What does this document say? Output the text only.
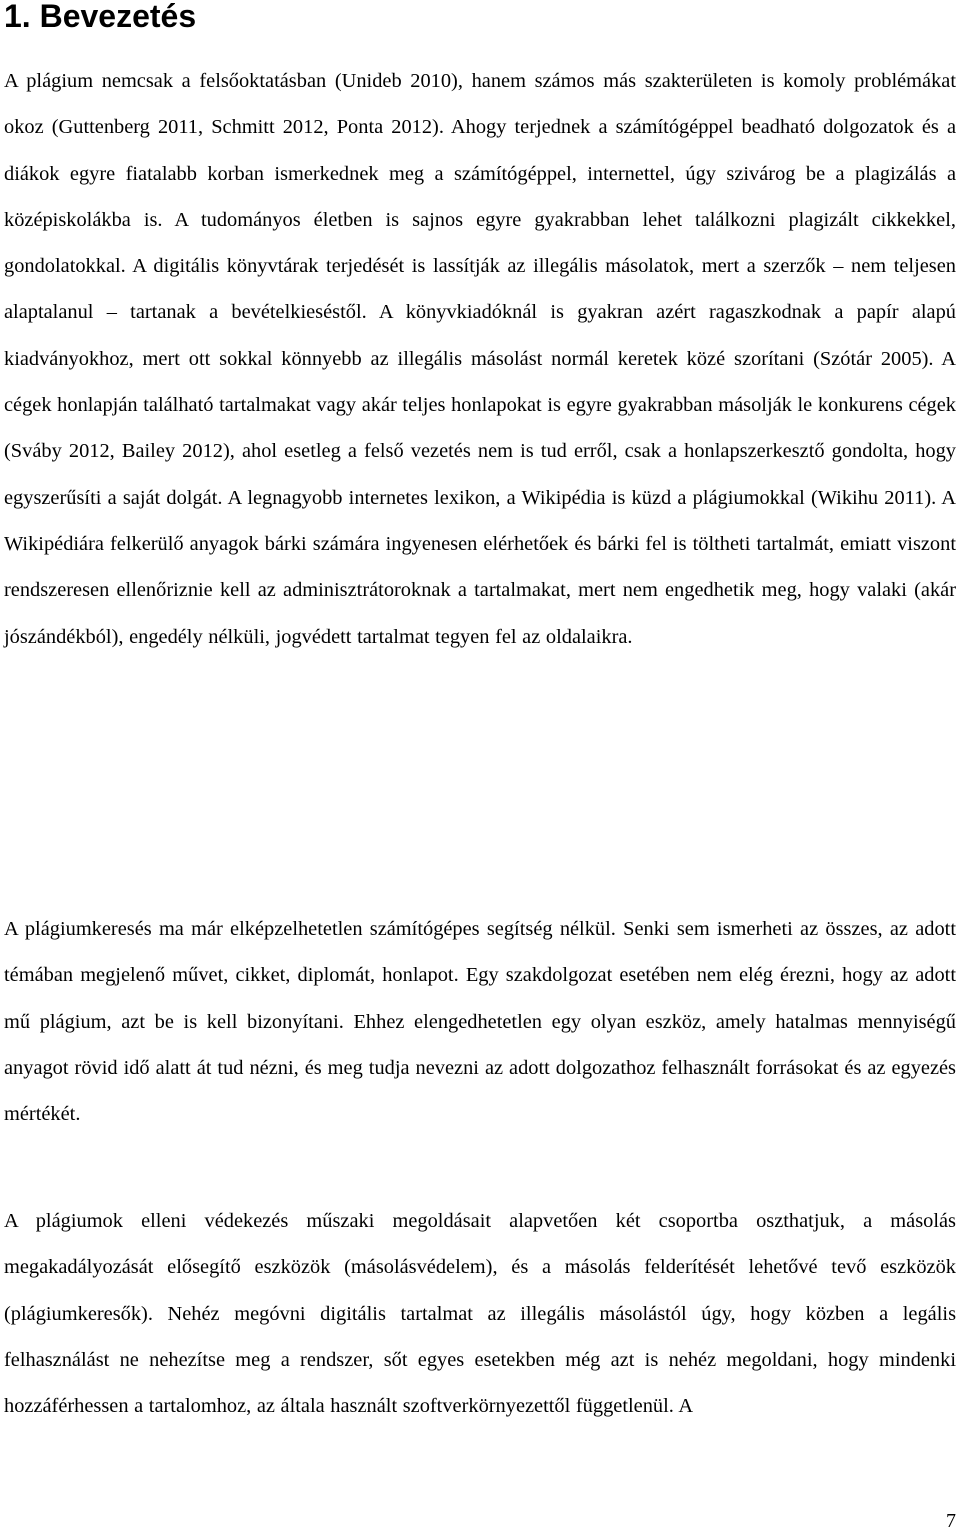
1. Bevezetés

A plágium nemcsak a felsőoktatásban (Unideb 2010), hanem számos más szakterületen is komoly problémákat okoz (Guttenberg 2011, Schmitt 2012, Ponta 2012). Ahogy terjednek a számítógéppel beadható dolgozatok és a diákok egyre fiatalabb korban ismerkednek meg a számítógéppel, internettel, úgy szivárog be a plagizálás a középiskolákba is. A tudományos életben is sajnos egyre gyakrabban lehet találkozni plagizált cikkekkel, gondolatokkal. A digitális könyvtárak terjedését is lassítják az illegális másolatok, mert a szerzők – nem teljesen alaptalanul – tartanak a bevételkieséstől. A könyvkiadóknál is gyakran azért ragaszkodnak a papír alapú kiadványokhoz, mert ott sokkal könnyebb az illegális másolást normál keretek közé szorítani (Szótár 2005). A cégek honlapján található tartalmakat vagy akár teljes honlapokat is egyre gyakrabban másolják le konkurens cégek (Sváby 2012, Bailey 2012), ahol esetleg a felső vezetés nem is tud erről, csak a honlapszerkesztő gondolta, hogy egyszerűsíti a saját dolgát. A legnagyobb internetes lexikon, a Wikipédia is küzd a plágiumokkal (Wikihu 2011). A Wikipédiára felkerülő anyagok bárki számára ingyenesen elérhetőek és bárki fel is töltheti tartalmát, emiatt viszont rendszeresen ellenőriznie kell az adminisztrátoroknak a tartalmakat, mert nem engedhetik meg, hogy valaki (akár jószándékból), engedély nélküli, jogvédett tartalmat tegyen fel az oldalaikra.

A plágiumkeresés ma már elképzelhetetlen számítógépes segítség nélkül. Senki sem ismerheti az összes, az adott témában megjelenő művet, cikket, diplomát, honlapot. Egy szakdolgozat esetében nem elég érezni, hogy az adott mű plágium, azt be is kell bizonyítani. Ehhez elengedhetetlen egy olyan eszköz, amely hatalmas mennyiségű anyagot rövid idő alatt át tud nézni, és meg tudja nevezni az adott dolgozathoz felhasznált forrásokat és az egyezés mértékét.

A plágiumok elleni védekezés műszaki megoldásait alapvetően két csoportba oszthatjuk, a másolás megakadályozását elősegítő eszközök (másolásvédelem), és a másolás felderítését lehetővé tevő eszközök (plágiumkeresők). Nehéz megóvni digitális tartalmat az illegális másolástól úgy, hogy közben a legális felhasználást ne nehezítse meg a rendszer, sőt egyes esetekben még azt is nehéz megoldani, hogy mindenki hozzáférhessen a tartalomhoz, az általa használt szoftverkörnyezettől függetlenül. A

7
